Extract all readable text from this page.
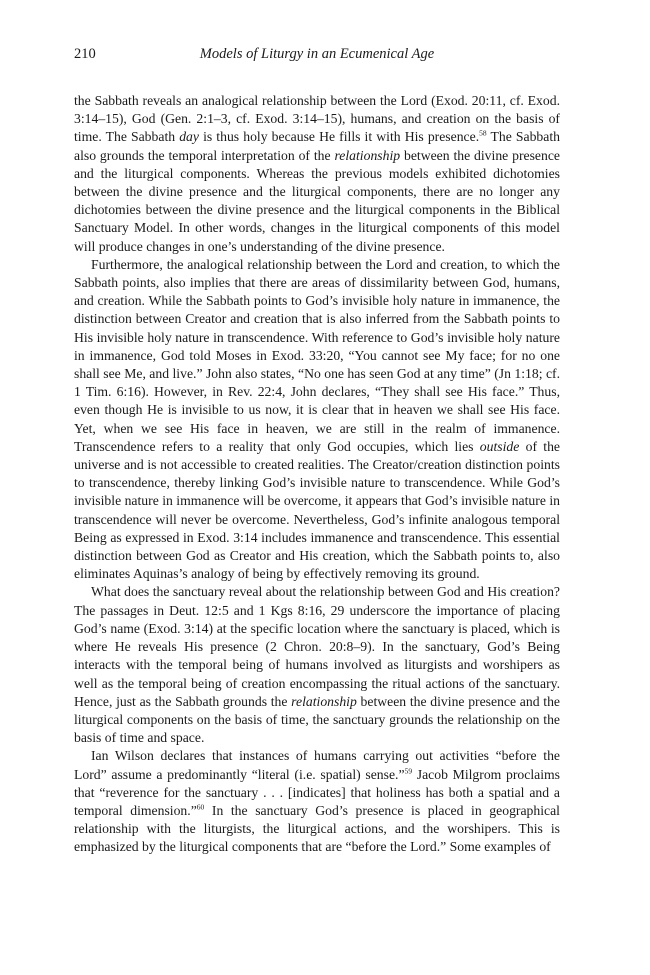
210	Models of Liturgy in an Ecumenical Age

the Sabbath reveals an analogical relationship between the Lord (Exod. 20:11, cf. Exod. 3:14–15), God (Gen. 2:1–3, cf. Exod. 3:14–15), humans, and creation on the basis of time. The Sabbath day is thus holy because He fills it with His presence.$^{58}$ The Sabbath also grounds the temporal interpretation of the relationship between the divine presence and the liturgical components. Whereas the previous models exhibited dichotomies between the divine presence and the liturgical components, there are no longer any dichotomies between the divine presence and the liturgical components in the Biblical Sanctuary Model. In other words, changes in the liturgical components of this model will produce changes in one’s understanding of the divine presence.

Furthermore, the analogical relationship between the Lord and creation, to which the Sabbath points, also implies that there are areas of dissimilarity between God, humans, and creation. While the Sabbath points to God’s invisible holy nature in immanence, the distinction between Creator and creation that is also inferred from the Sabbath points to His invisible holy nature in transcendence. With reference to God’s invisible holy nature in immanence, God told Moses in Exod. 33:20, “You cannot see My face; for no one shall see Me, and live.” John also states, “No one has seen God at any time” (Jn 1:18; cf. 1 Tim. 6:16). However, in Rev. 22:4, John declares, “They shall see His face.” Thus, even though He is invisible to us now, it is clear that in heaven we shall see His face. Yet, when we see His face in heaven, we are still in the realm of immanence. Transcendence refers to a reality that only God occupies, which lies outside of the universe and is not accessible to created realities. The Creator/creation distinction points to transcendence, thereby linking God’s invisible nature to transcendence. While God’s invisible nature in immanence will be overcome, it appears that God’s invisible nature in transcendence will never be overcome. Nevertheless, God’s infinite analogous temporal Being as expressed in Exod. 3:14 includes immanence and transcendence. This essential distinction between God as Creator and His creation, which the Sabbath points to, also eliminates Aquinas’s analogy of being by effectively removing its ground.

What does the sanctuary reveal about the relationship between God and His creation? The passages in Deut. 12:5 and 1 Kgs 8:16, 29 underscore the importance of placing God’s name (Exod. 3:14) at the specific location where the sanctuary is placed, which is where He reveals His presence (2 Chron. 20:8–9). In the sanctuary, God’s Being interacts with the temporal being of humans involved as liturgists and worshipers as well as the temporal being of creation encompassing the ritual actions of the sanctuary. Hence, just as the Sabbath grounds the relationship between the divine presence and the liturgical components on the basis of time, the sanctuary grounds the relationship on the basis of time and space.

Ian Wilson declares that instances of humans carrying out activities “before the Lord” assume a predominantly “literal (i.e. spatial) sense.”$^{59}$ Jacob Milgrom proclaims that “reverence for the sanctuary . . . [indicates] that holiness has both a spatial and a temporal dimension.”$^{60}$ In the sanctuary God’s presence is placed in geographical relationship with the liturgists, the liturgical actions, and the worshipers. This is emphasized by the liturgical components that are “before the Lord.” Some examples of
